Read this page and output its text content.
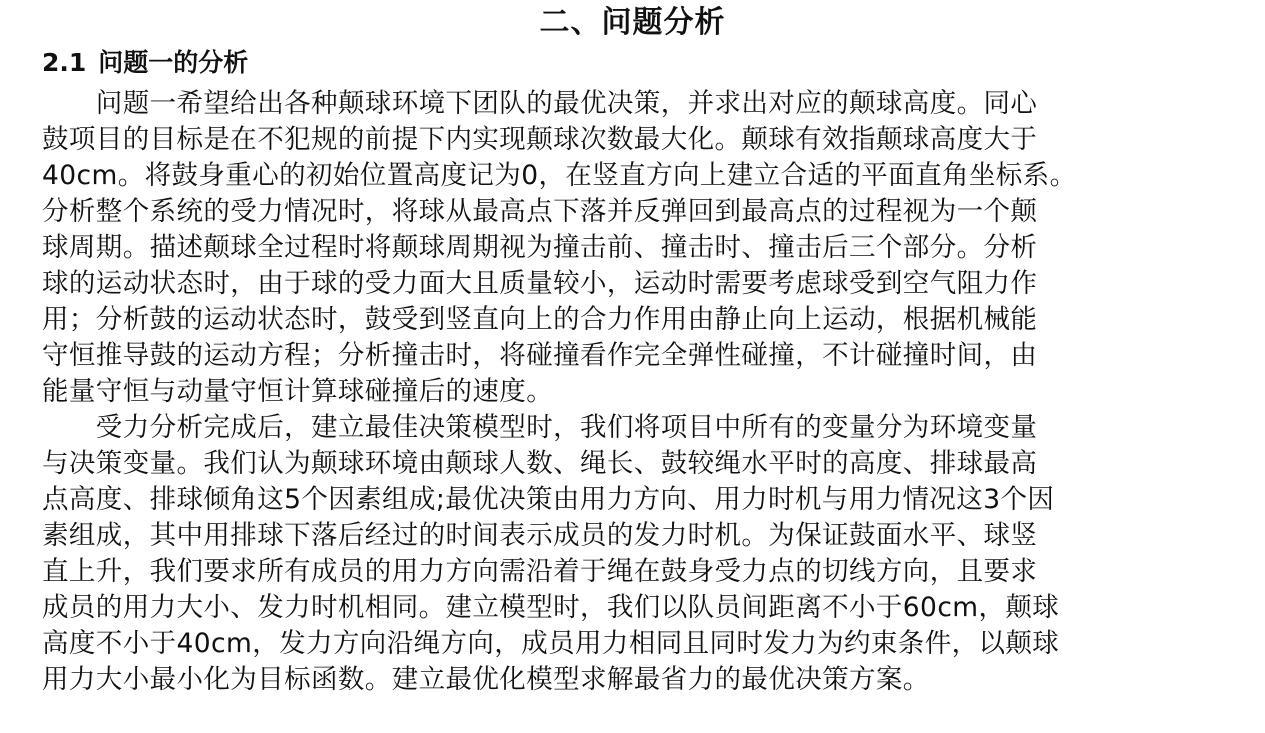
二、问题分析
2.1 问题一的分析
　　问题一希望给出各种颠球环境下团队的最优决策，并求出对应的颠球高度。同心
鼓项目的目标是在不犯规的前提下内实现颠球次数最大化。颠球有效指颠球高度大于
40cm。将鼓身重心的初始位置高度记为0，在竖直方向上建立合适的平面直角坐标系。
分析整个系统的受力情况时，将球从最高点下落并反弹回到最高点的过程视为一个颠
球周期。描述颠球全过程时将颠球周期视为撞击前、撞击时、撞击后三个部分。分析
球的运动状态时，由于球的受力面大且质量较小，运动时需要考虑球受到空气阻力作
用；分析鼓的运动状态时，鼓受到竖直向上的合力作用由静止向上运动，根据机械能
守恒推导鼓的运动方程；分析撞击时，将碰撞看作完全弹性碰撞，不计碰撞时间，由
能量守恒与动量守恒计算球碰撞后的速度。
　　受力分析完成后，建立最佳决策模型时，我们将项目中所有的变量分为环境变量
与决策变量。我们认为颠球环境由颠球人数、绳长、鼓较绳水平时的高度、排球最高
点高度、排球倾角这5个因素组成;最优决策由用力方向、用力时机与用力情况这3个因
素组成，其中用排球下落后经过的时间表示成员的发力时机。为保证鼓面水平、球竖
直上升，我们要求所有成员的用力方向需沿着于绳在鼓身受力点的切线方向，且要求
成员的用力大小、发力时机相同。建立模型时，我们以队员间距离不小于60cm，颠球
高度不小于40cm，发力方向沿绳方向，成员用力相同且同时发力为约束条件，以颠球
用力大小最小化为目标函数。建立最优化模型求解最省力的最优决策方案。
